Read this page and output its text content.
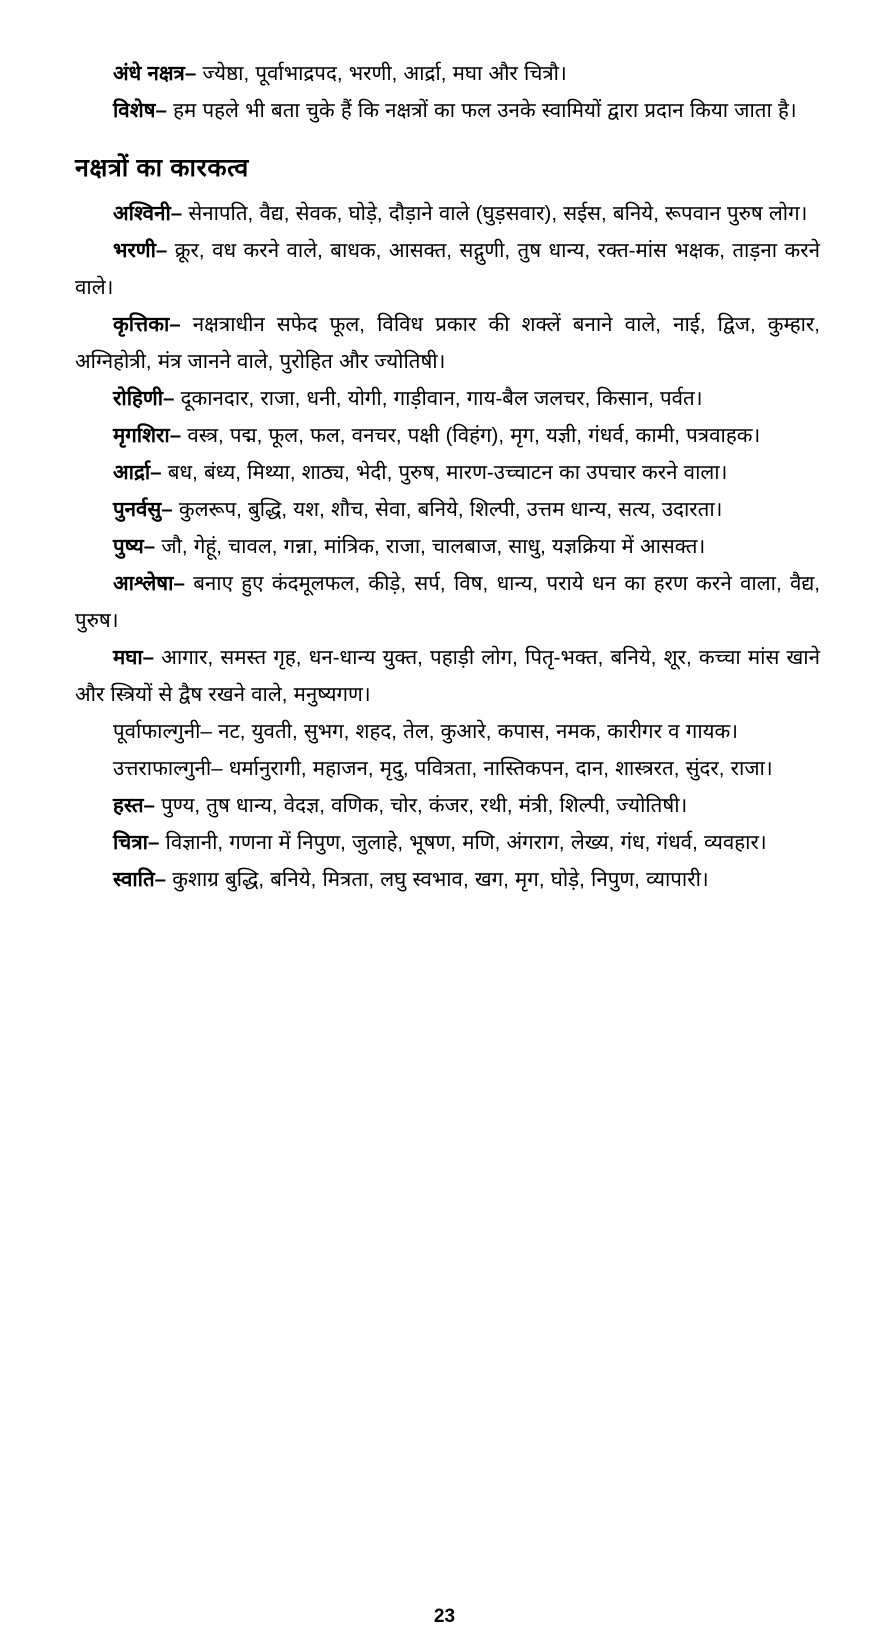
अंधे नक्षत्र– ज्येष्ठा, पूर्वाभाद्रपद, भरणी, आर्द्रा, मघा और चित्रौ।

विशेष– हम पहले भी बता चुके हैं कि नक्षत्रों का फल उनके स्वामियों द्वारा प्रदान किया जाता है।

नक्षत्रों का कारकत्व

अश्विनी– सेनापति, वैद्य, सेवक, घोड़े, दौड़ाने वाले (घुड़सवार), सईस, बनिये, रूपवान पुरुष लोग।

भरणी– क्रूर, वध करने वाले, बाधक, आसक्त, सद्गुणी, तुष धान्य, रक्त-मांस भक्षक, ताड़ना करने वाले।

कृत्तिका– नक्षत्राधीन सफेद फूल, विविध प्रकार की शक्लें बनाने वाले, नाई, द्विज, कुम्हार, अग्निहोत्री, मंत्र जानने वाले, पुरोहित और ज्योतिषी।

रोहिणी– दूकानदार, राजा, धनी, योगी, गाड़ीवान, गाय-बैल जलचर, किसान, पर्वत।

मृगशिरा– वस्त्र, पद्म, फूल, फल, वनचर, पक्षी (विहंग), मृग, यज्ञी, गंधर्व, कामी, पत्रवाहक।

आर्द्रा– बध, बंध्य, मिथ्या, शाठ्य, भेदी, पुरुष, मारण-उच्चाटन का उपचार करने वाला।

पुनर्वसु– कुलरूप, बुद्धि, यश, शौच, सेवा, बनिये, शिल्पी, उत्तम धान्य, सत्य, उदारता।

पुष्य– जौ, गेहूं, चावल, गन्ना, मांत्रिक, राजा, चालबाज, साधु, यज्ञक्रिया में आसक्त।

आश्लेषा– बनाए हुए कंदमूलफल, कीड़े, सर्प, विष, धान्य, पराये धन का हरण करने वाला, वैद्य, पुरुष।

मघा– आगार, समस्त गृह, धन-धान्य युक्त, पहाड़ी लोग, पितृ-भक्त, बनिये, शूर, कच्चा मांस खाने और स्त्रियों से द्वैष रखने वाले, मनुष्यगण।

पूर्वाफाल्गुनी– नट, युवती, सुभग, शहद, तेल, कुआरे, कपास, नमक, कारीगर व गायक।

उत्तराफाल्गुनी– धर्मानुरागी, महाजन, मृदु, पवित्रता, नास्तिकपन, दान, शास्त्ररत, सुंदर, राजा।

हस्त– पुण्य, तुष धान्य, वेदज्ञ, वणिक, चोर, कंजर, रथी, मंत्री, शिल्पी, ज्योतिषी।

चित्रा– विज्ञानी, गणना में निपुण, जुलाहे, भूषण, मणि, अंगराग, लेख्य, गंध, गंधर्व, व्यवहार।

स्वाति– कुशाग्र बुद्धि, बनिये, मित्रता, लघु स्वभाव, खग, मृग, घोड़े, निपुण, व्यापारी।

23
